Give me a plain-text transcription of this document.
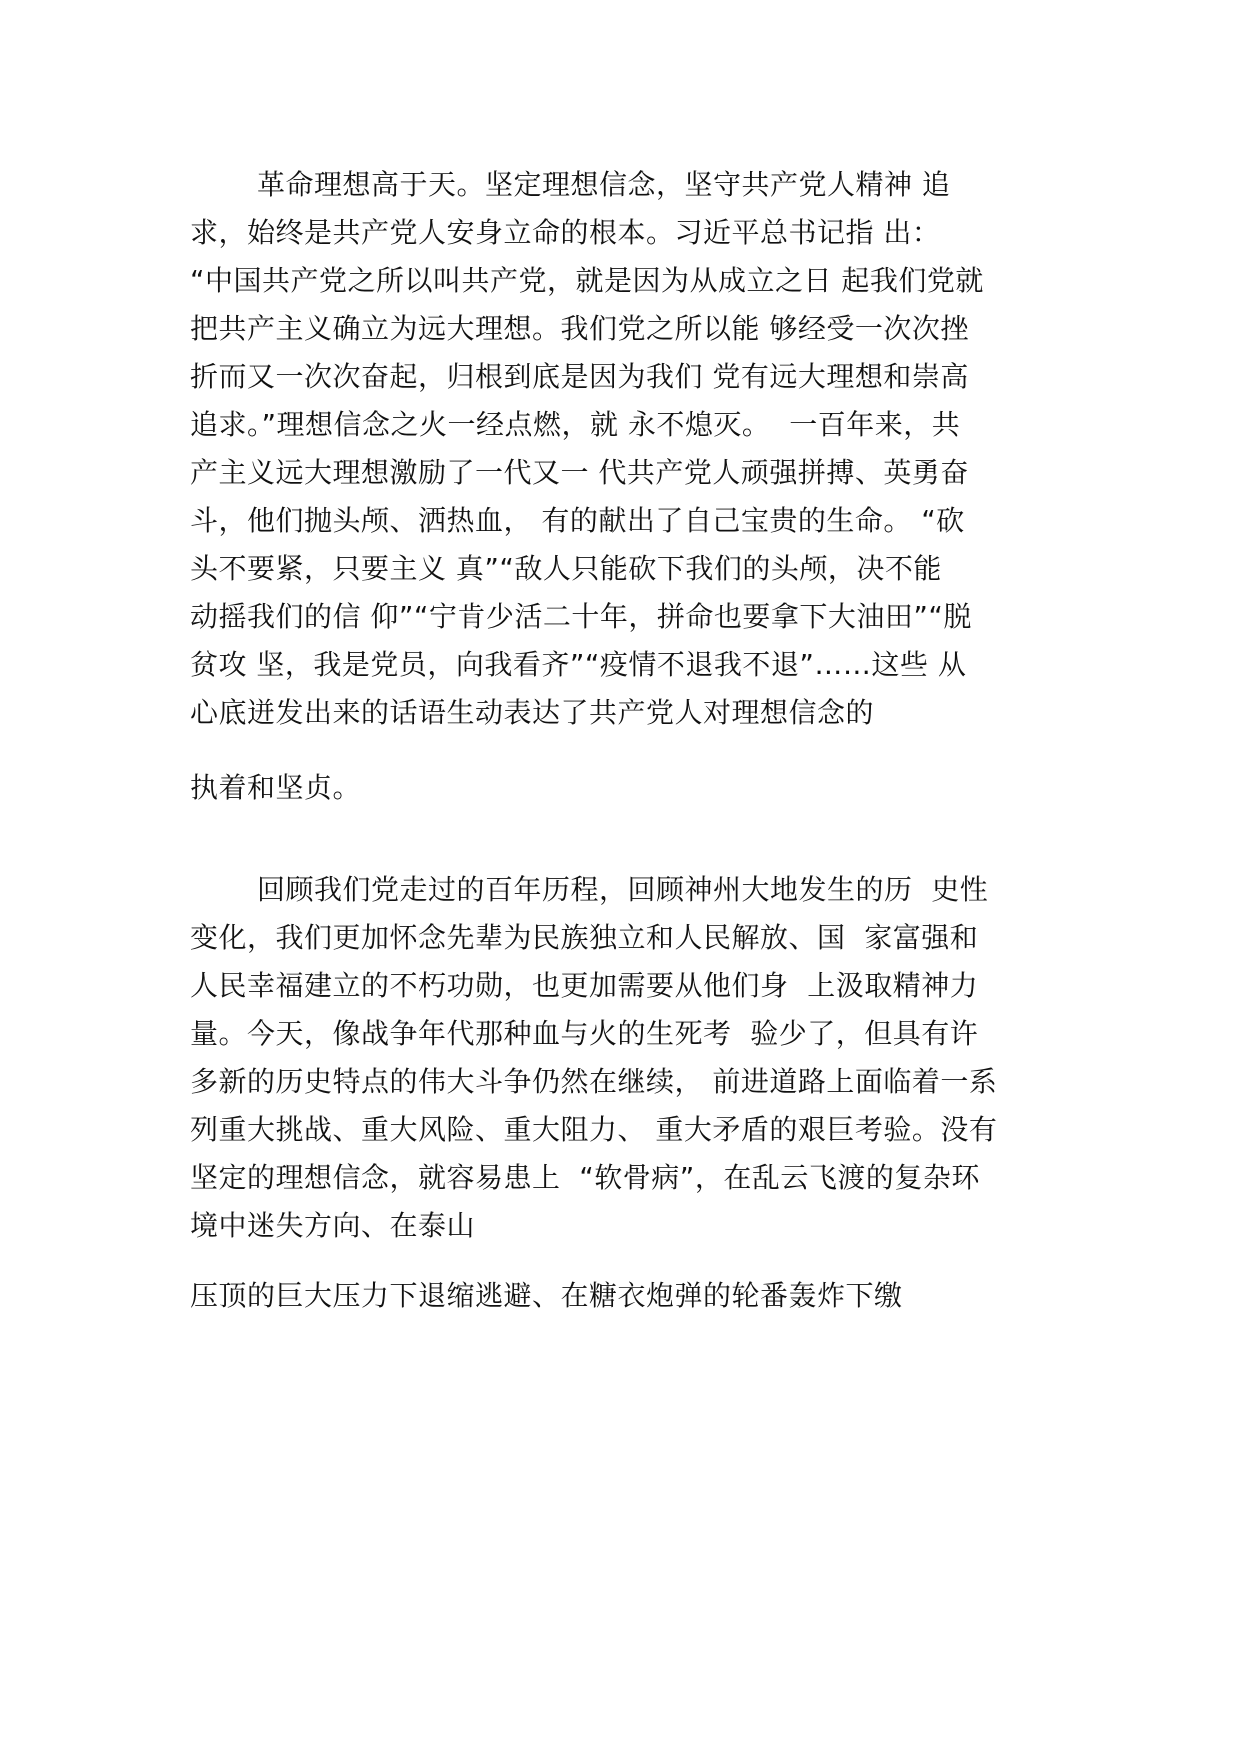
革命理想高于天。坚定理想信念，坚守共产党人精神 追
求，始终是共产党人安身立命的根本。习近平总书记指 出：
“中国共产党之所以叫共产党，就是因为从成立之日 起我们党就
把共产主义确立为远大理想。我们党之所以能 够经受一次次挫
折而又一次次奋起，归根到底是因为我们 党有远大理想和崇高
追求。”理想信念之火一经点燃，就 永不熄灭。  一百年来，共
产主义远大理想激励了一代又一 代共产党人顽强拼搏、英勇奋
斗，他们抛头颅、洒热血， 有的献出了自己宝贵的生命。 “砍
头不要紧，只要主义 真”“敌人只能砍下我们的头颅，决不能
动摇我们的信 仰”“宁肯少活二十年，拼命也要拿下大油田”“脱
贫攻 坚，我是党员，向我看齐”“疫情不退我不退”……这些 从
心底迸发出来的话语生动表达了共产党人对理想信念的
执着和坚贞。
回顾我们党走过的百年历程，回顾神州大地发生的历  史性
变化，我们更加怀念先辈为民族独立和人民解放、国  家富强和
人民幸福建立的不朽功勋，也更加需要从他们身  上汲取精神力
量。今天，像战争年代那种血与火的生死考  验少了，但具有许
多新的历史特点的伟大斗争仍然在继续， 前进道路上面临着一系
列重大挑战、重大风险、重大阻力、 重大矛盾的艰巨考验。没有
坚定的理想信念，就容易患上  “软骨病”，在乱云飞渡的复杂环
境中迷失方向、在泰山
压顶的巨大压力下退缩逃避、在糖衣炮弹的轮番轰炸下缴
